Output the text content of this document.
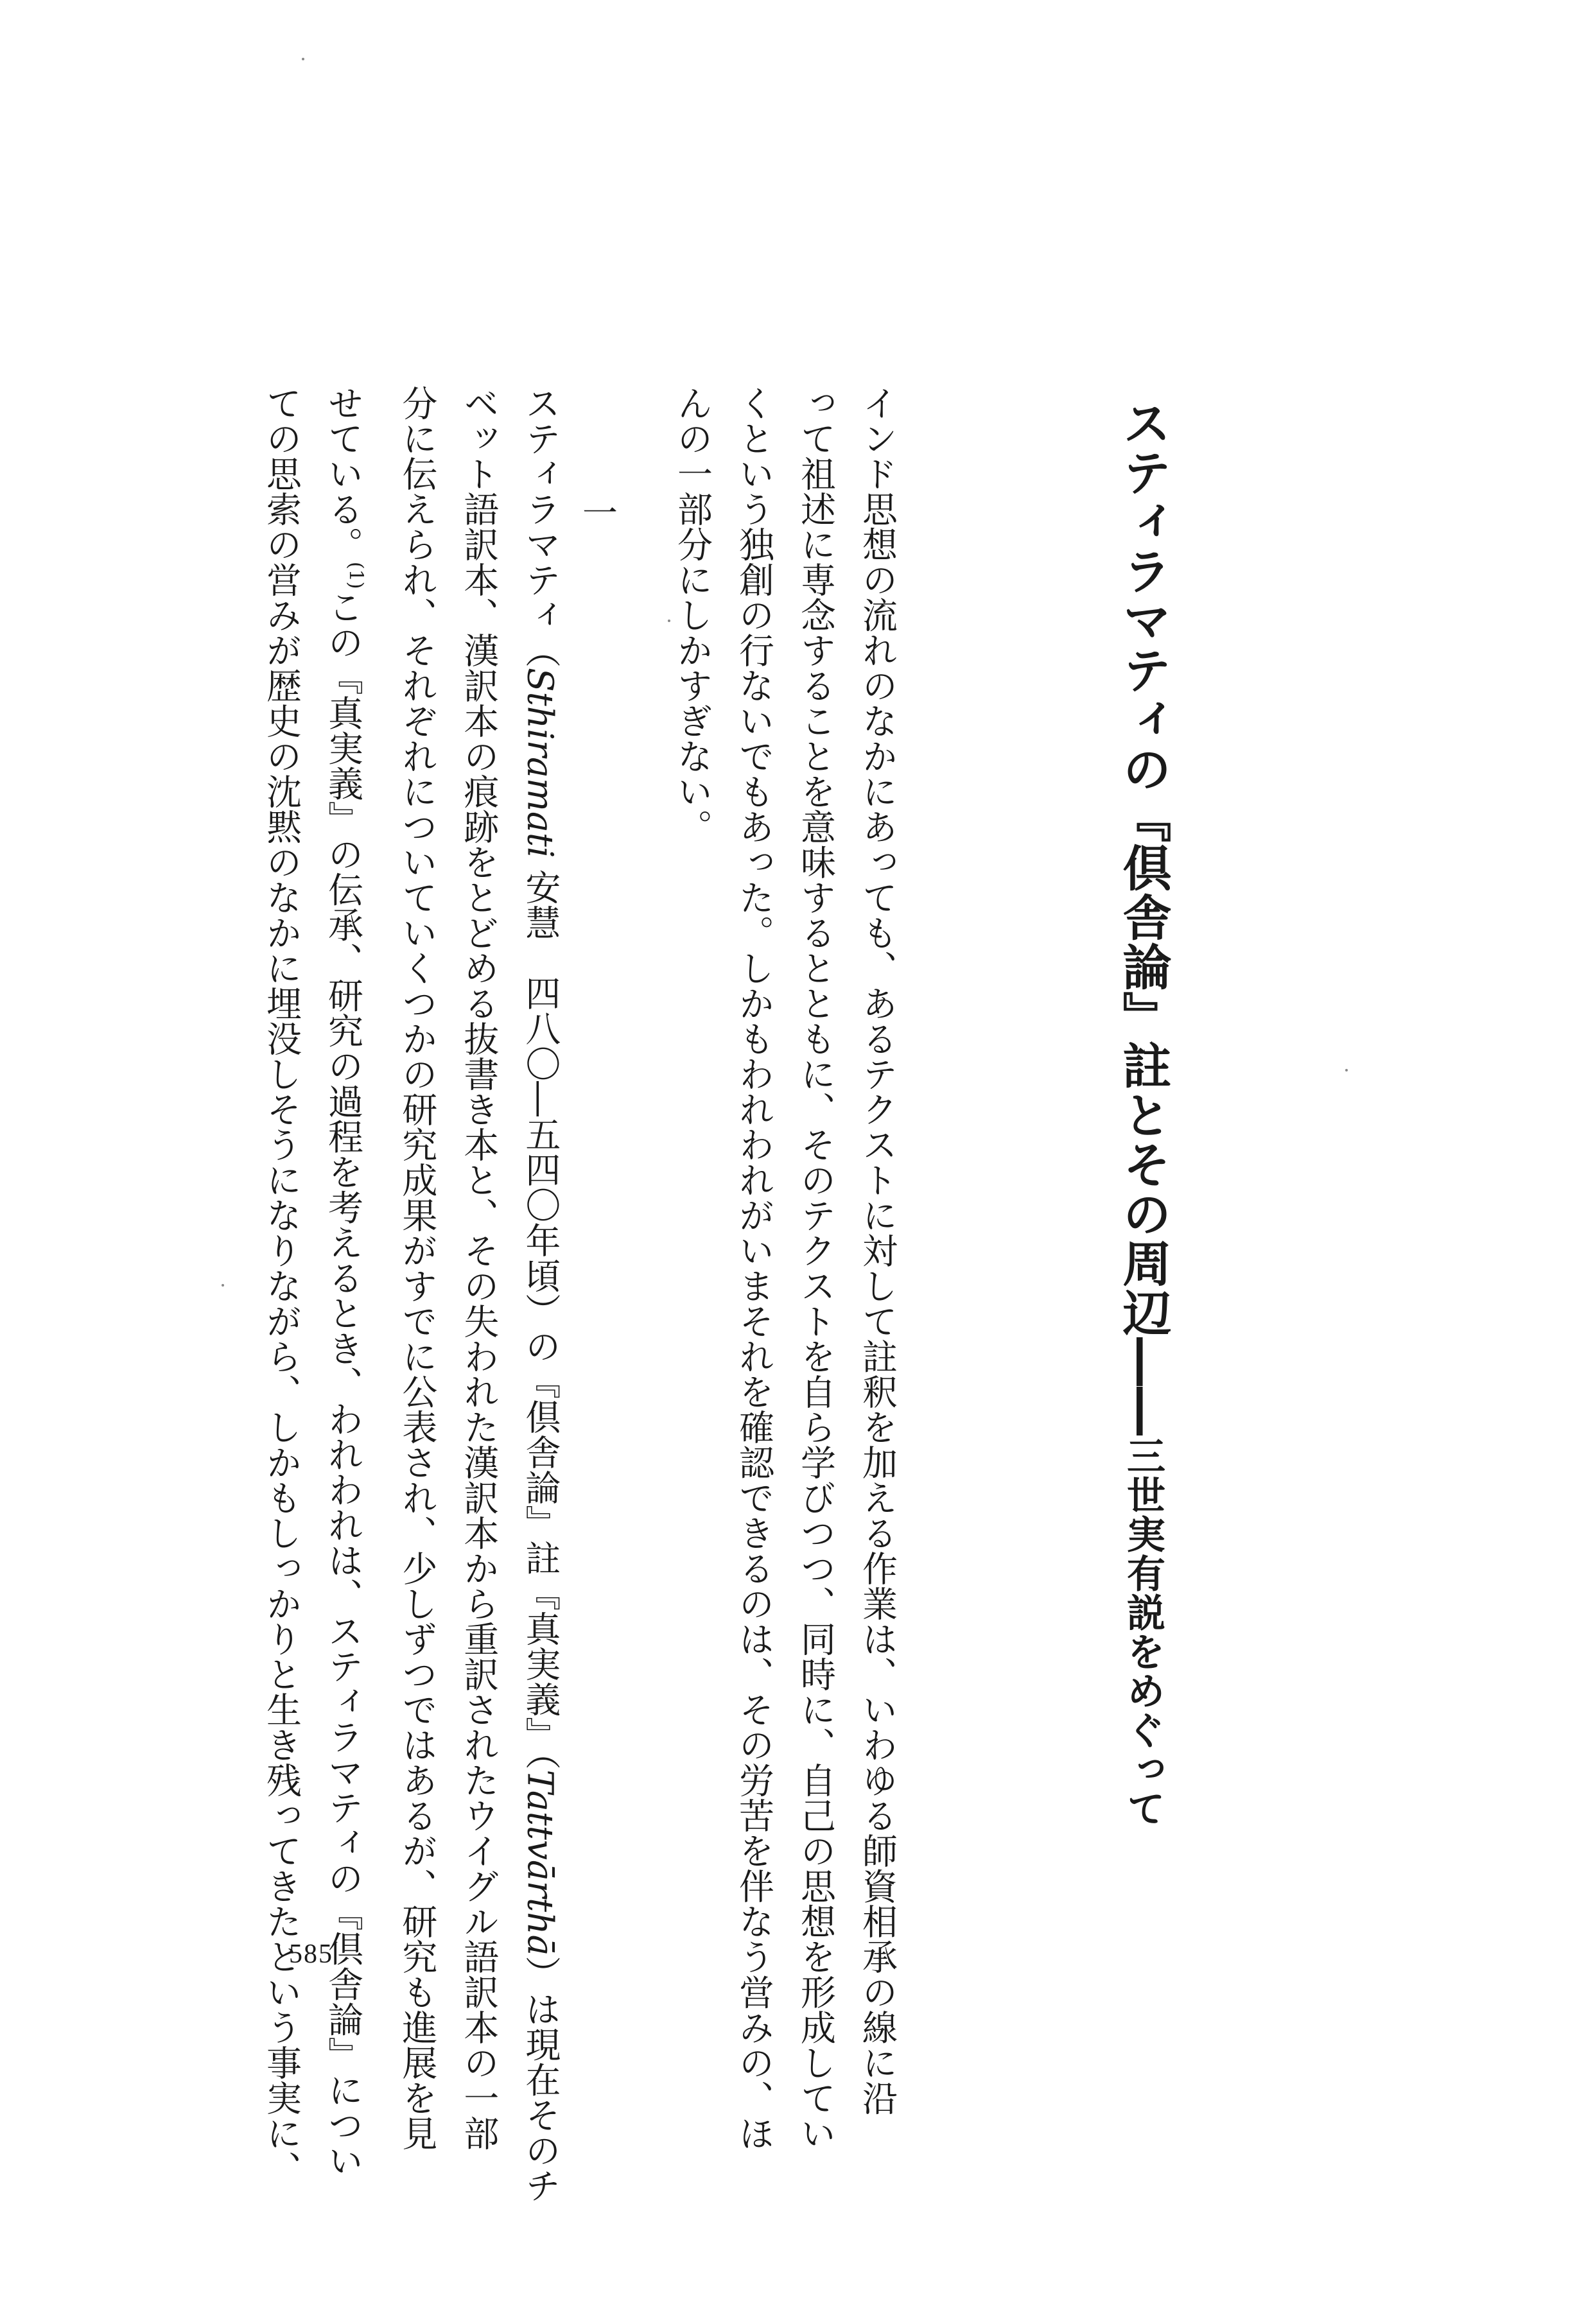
スティラマティの『倶舎論』註とその周辺――三世実有説をめぐって
インド思想の流れのなかにあっても、あるテクストに対して註釈を加える作業は、いわゆる師資相承の線に沿
って祖述に専念することを意味するとともに、そのテクストを自ら学びつつ、同時に、自己の思想を形成してい
くという独創の行ないでもあった。しかもわれわれがいまそれを確認できるのは、その労苦を伴なう営みの、ほ
んの一部分にしかすぎない。
一
スティラマティ（Sthiramati 安慧　四八〇―五四〇年頃）の『倶舎論』註『真実義』（Tattvārthā）は現在そのチ
ベット語訳本、漢訳本の痕跡をとどめる抜書き本と、その失われた漢訳本から重訳されたウイグル語訳本の一部
分に伝えられ、それぞれについていくつかの研究成果がすでに公表され、少しずつではあるが、研究も進展を見
せている。$^{(1)}$この『真実義』の伝承、研究の過程を考えるとき、われわれは、スティラマティの『倶舎論』につい
ての思索の営みが歴史の沈黙のなかに埋没しそうになりながら、しかもしっかりと生き残ってきたという事実に、
585
